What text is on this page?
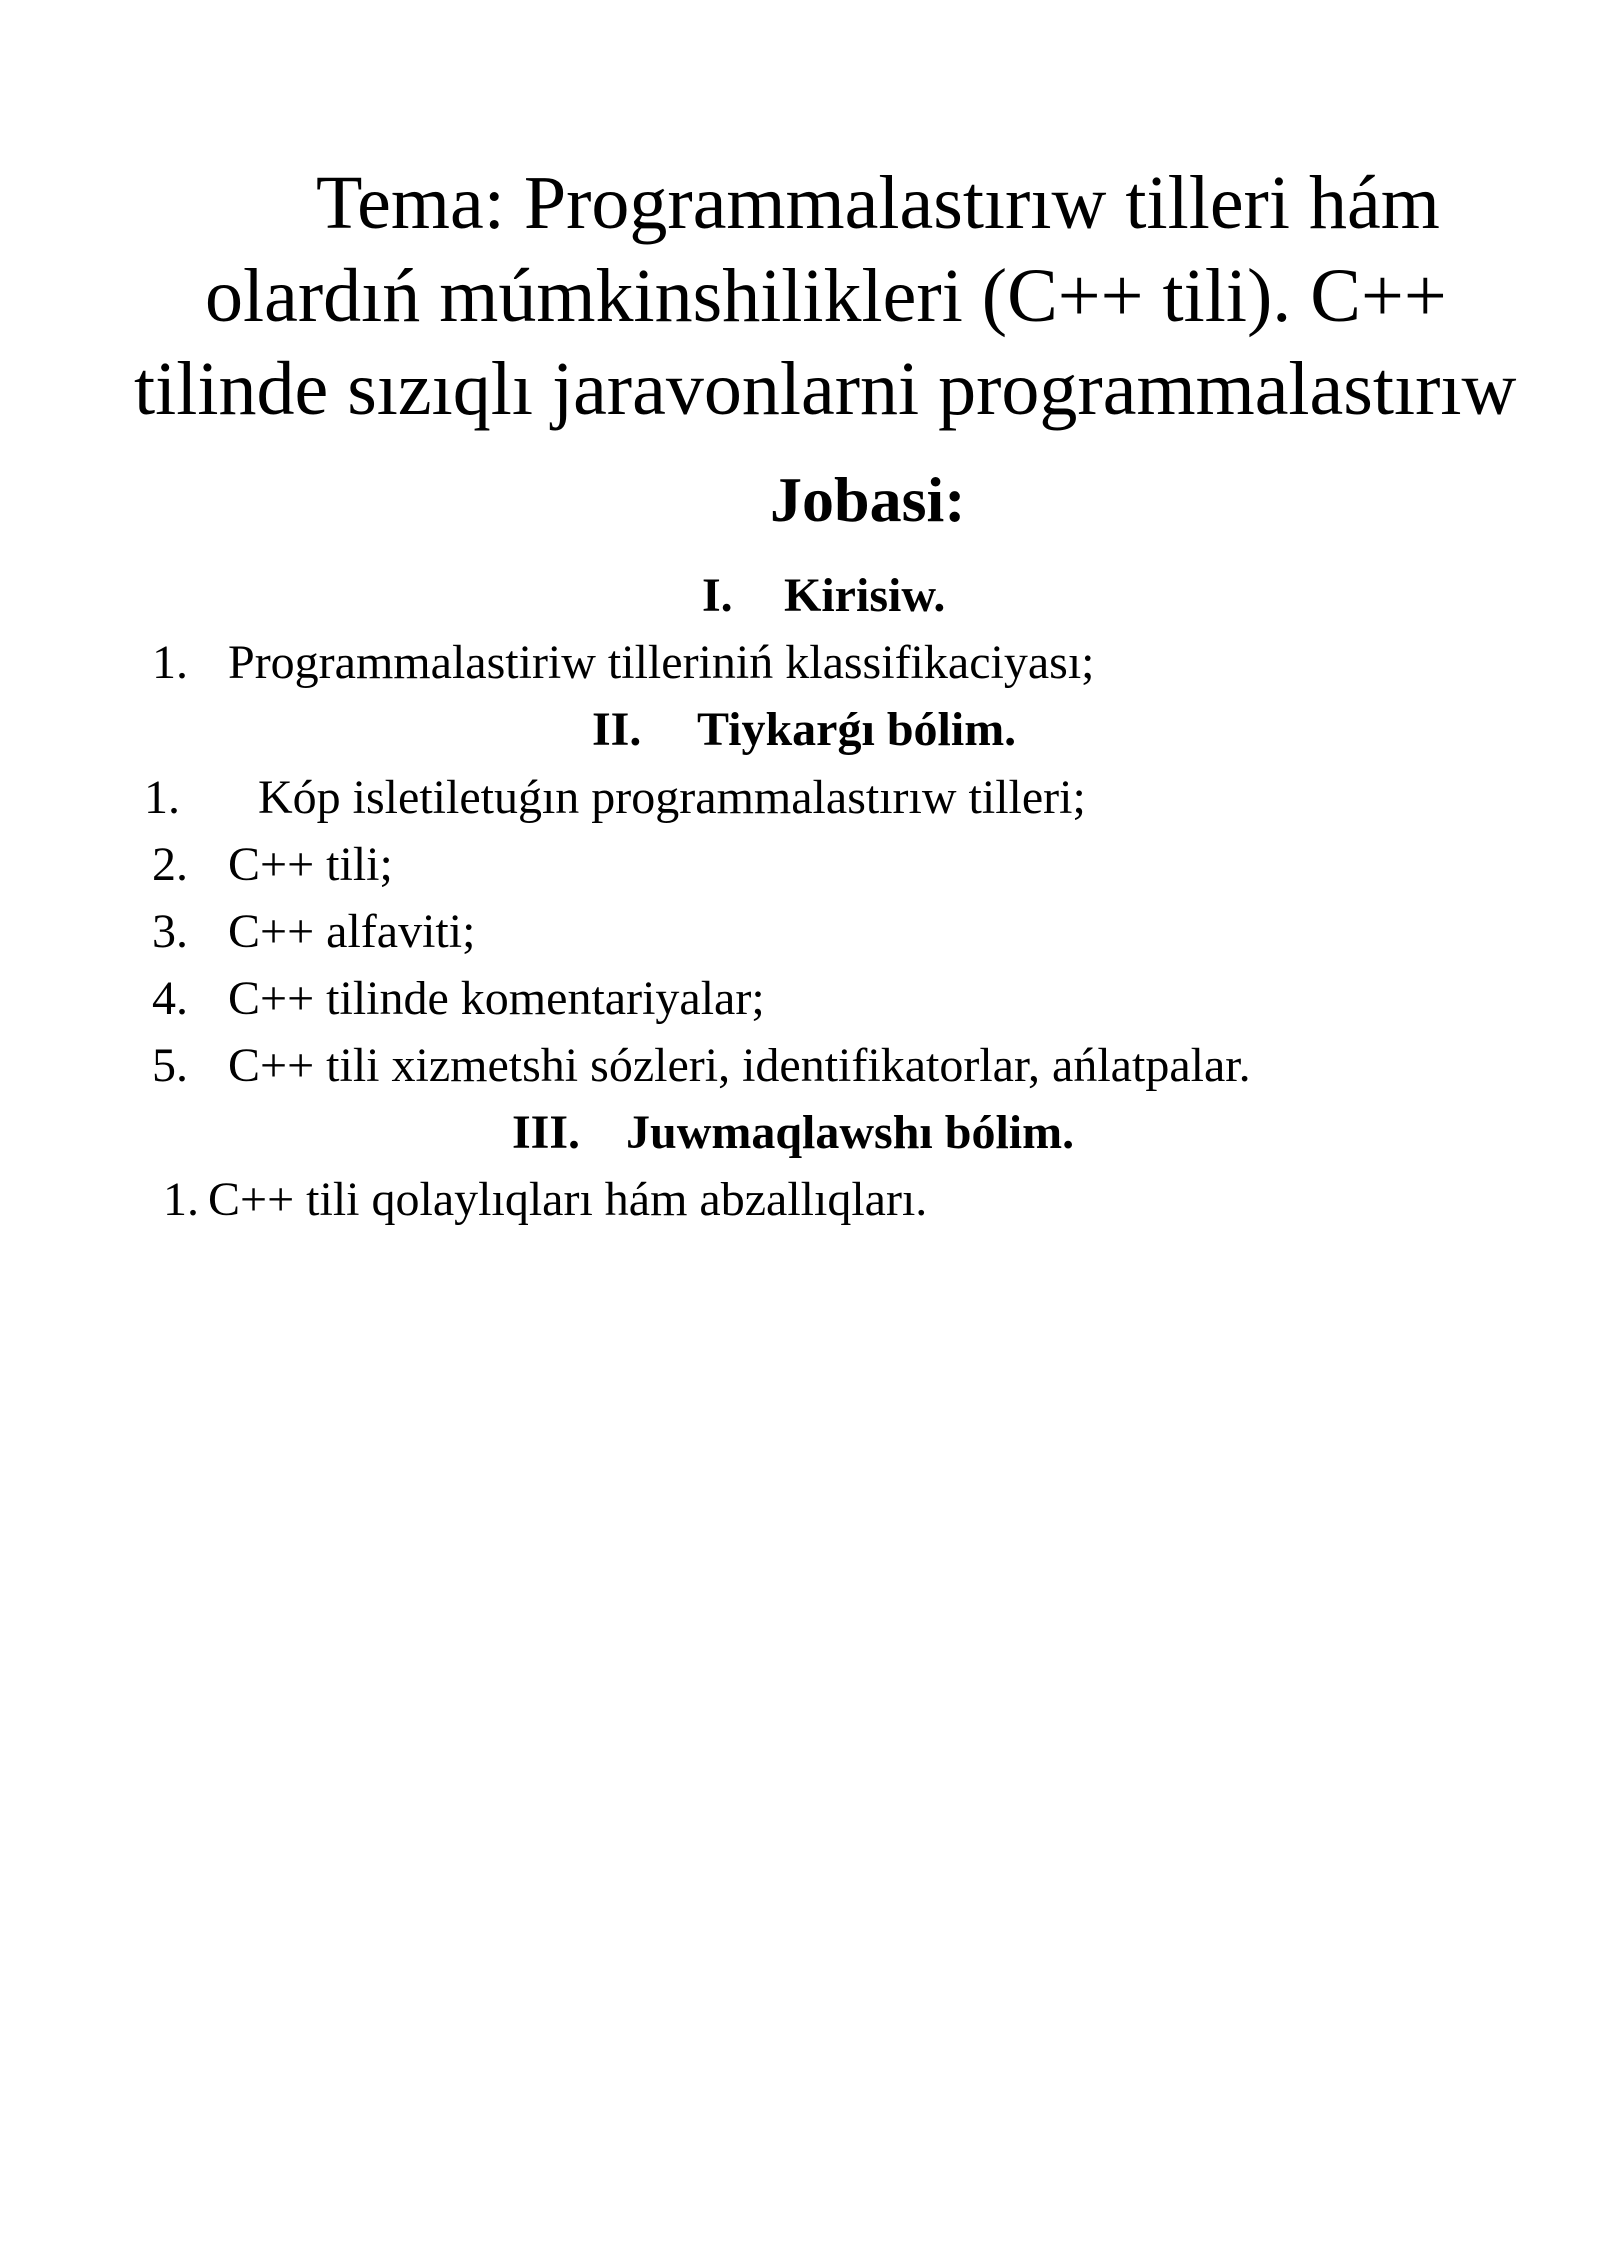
Tema: Programmalastırıw tilleri hám
olardıń múmkinshilikleri (C++ tili). C++
tilinde sızıqlı jaravonlarni programmalastırıw
Jobasi:
I. Kirisiw.
1. Programmalastiriw tilleriniń klassifikaciyası;
II. Tiykarǵı bólim.
1. Kóp isletiletuǵın programmalastırıw tilleri;
2. C++ tili;
3. C++ alfaviti;
4. C++ tilinde komentariyalar;
5. C++ tili xizmetshi sózleri, identifikatorlar, ańlatpalar.
III. Juwmaqlawshı bólim.
1. C++ tili qolaylıqları hám abzallıqları.
